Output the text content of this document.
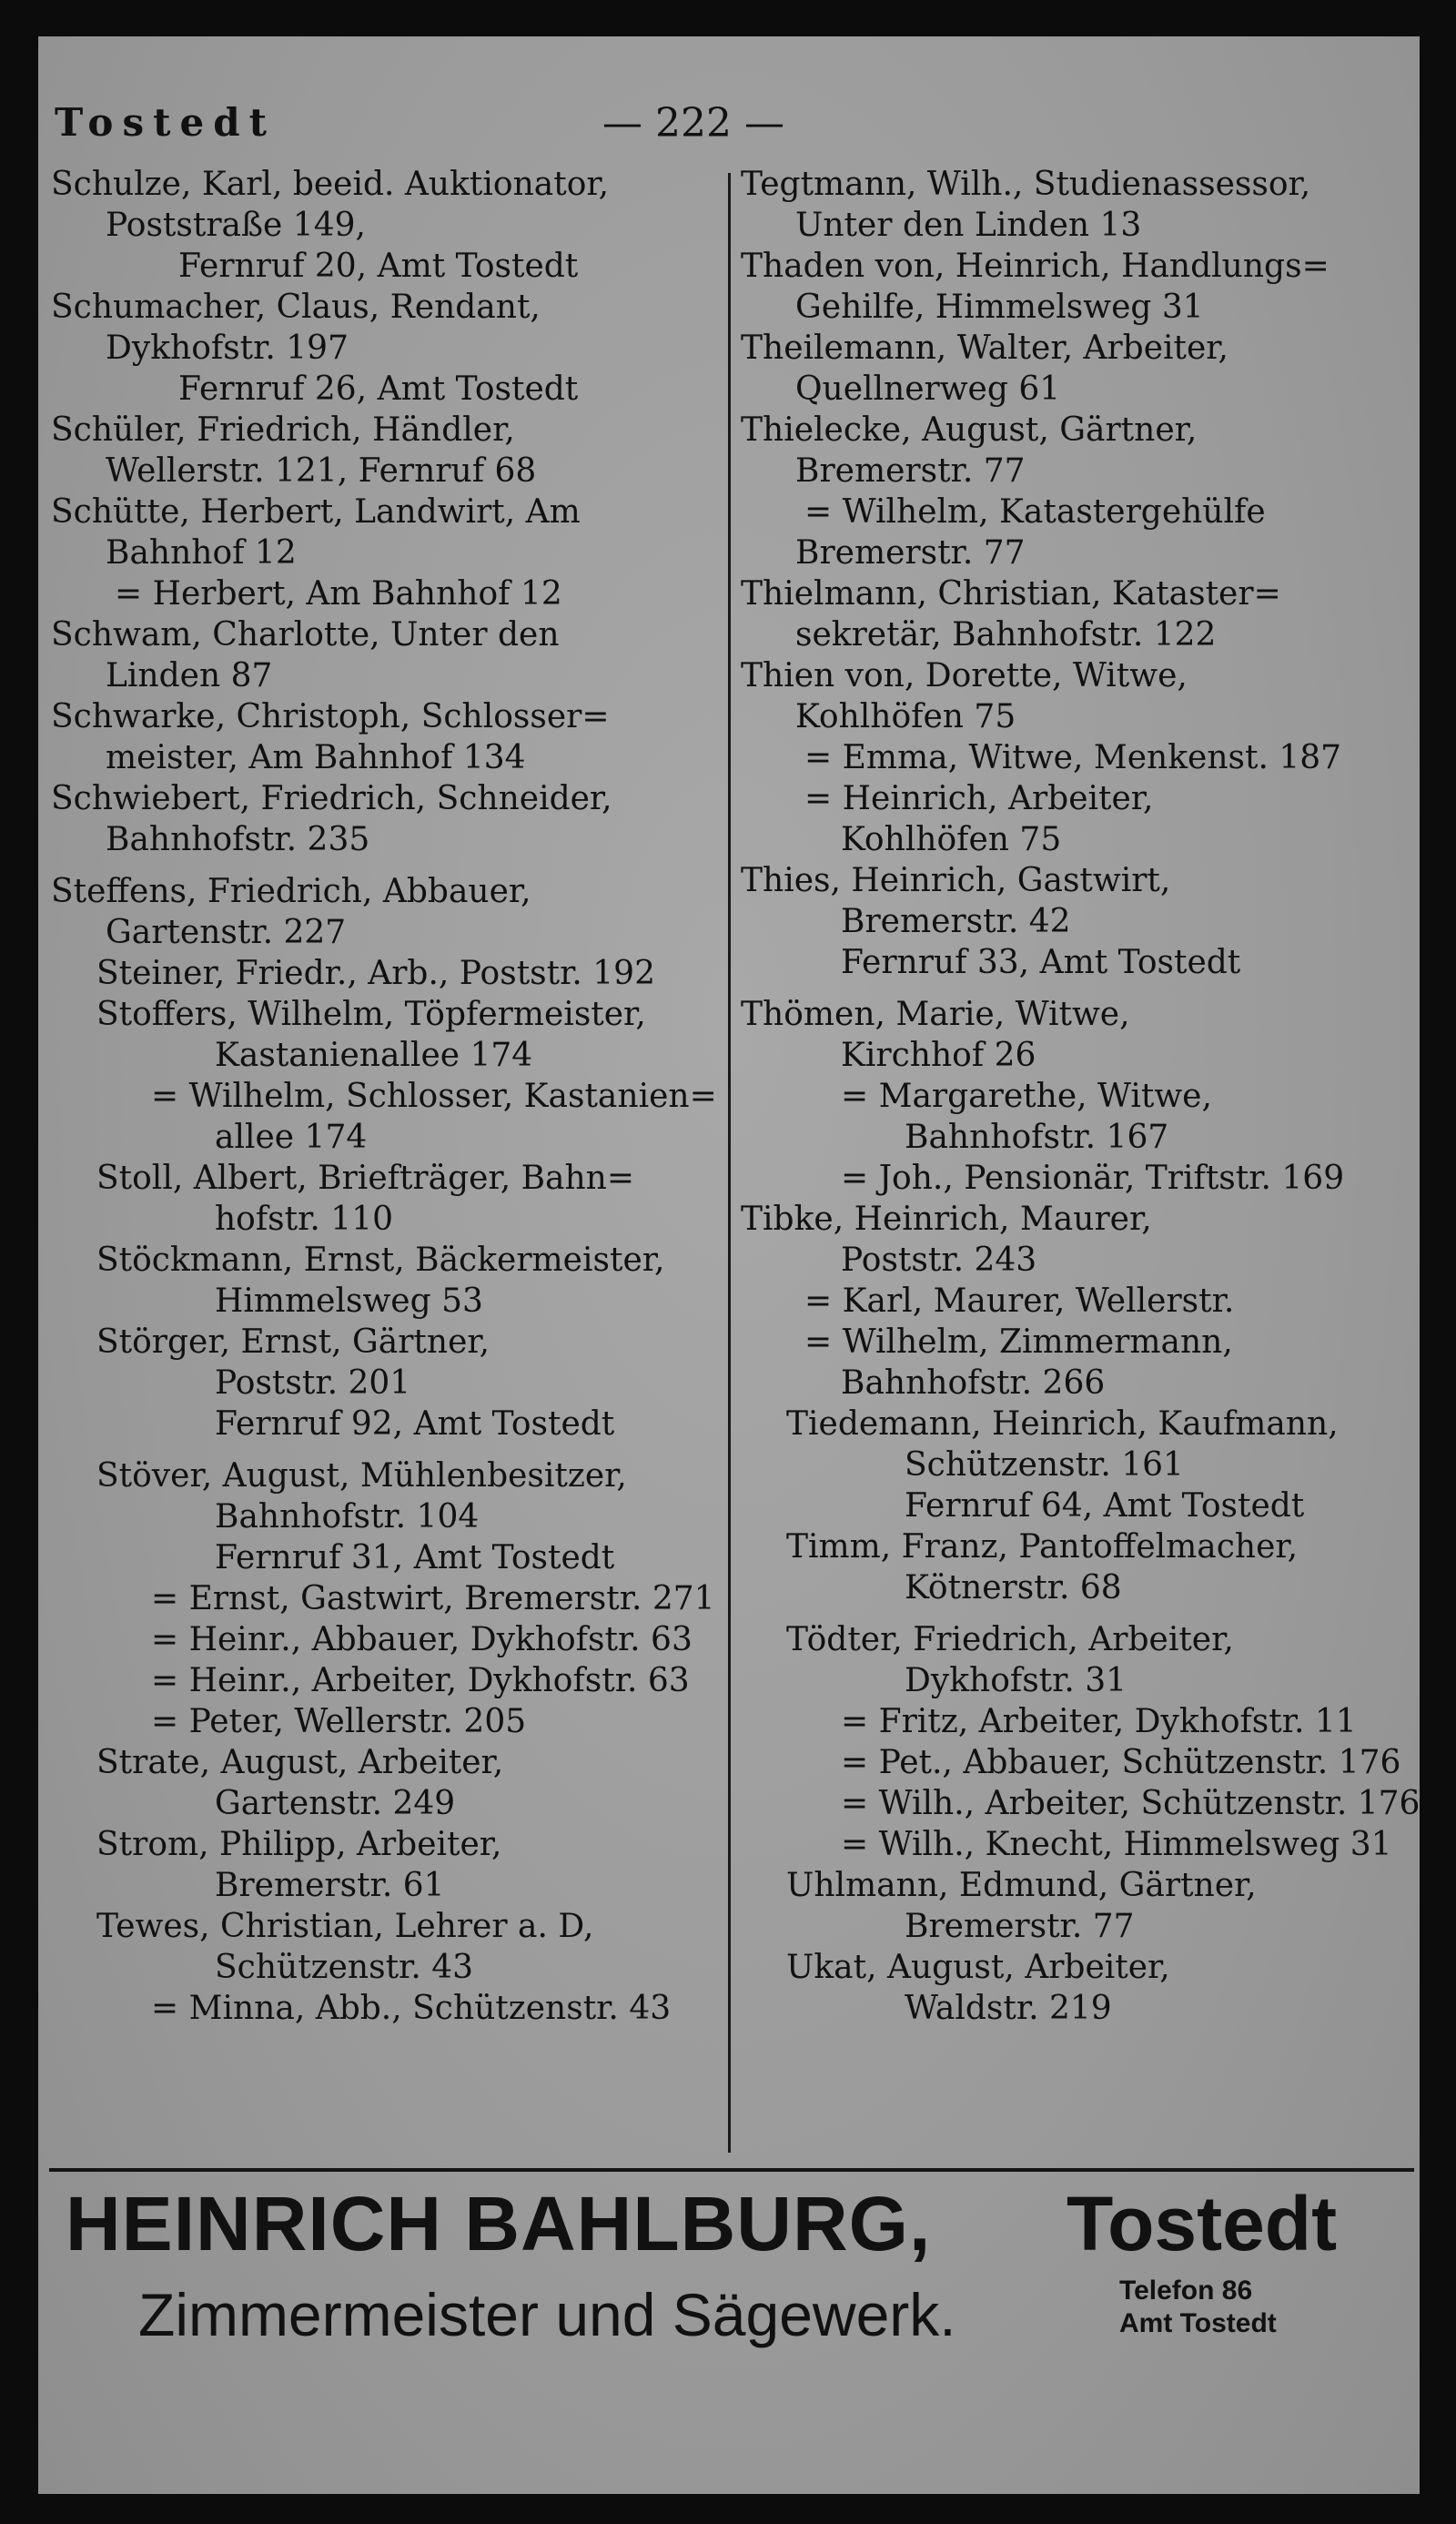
Tostedt	— 222 —
Schulze, Karl, beeid. Auktionator,
Poststraße 149,
Fernruf 20, Amt Tostedt
Schumacher, Claus, Rendant,
Dykhofstr. 197
Fernruf 26, Amt Tostedt
Schüler, Friedrich, Händler,
Wellerstr. 121, Fernruf 68
Schütte, Herbert, Landwirt, Am
Bahnhof 12
= Herbert, Am Bahnhof 12
Schwam, Charlotte, Unter den
Linden 87
Schwarke, Christoph, Schlosser=
meister, Am Bahnhof 134
Schwiebert, Friedrich, Schneider,
Bahnhofstr. 235
Steffens, Friedrich, Abbauer,
Gartenstr. 227
Steiner, Friedr., Arb., Poststr. 192
Stoffers, Wilhelm, Töpfermeister,
Kastanienallee 174
= Wilhelm, Schlosser, Kastanien=
allee 174
Stoll, Albert, Briefträger, Bahn=
hofstr. 110
Stöckmann, Ernst, Bäckermeister,
Himmelsweg 53
Störger, Ernst, Gärtner,
Poststr. 201
Fernruf 92, Amt Tostedt
Stöver, August, Mühlenbesitzer,
Bahnhofstr. 104
Fernruf 31, Amt Tostedt
= Ernst, Gastwirt, Bremerstr. 271
= Heinr., Abbauer, Dykhofstr. 63
= Heinr., Arbeiter, Dykhofstr. 63
= Peter, Wellerstr. 205
Strate, August, Arbeiter,
Gartenstr. 249
Strom, Philipp, Arbeiter,
Bremerstr. 61
Tewes, Christian, Lehrer a. D,
Schützenstr. 43
= Minna, Abb., Schützenstr. 43
Tegtmann, Wilh., Studienassessor,
Unter den Linden 13
Thaden von, Heinrich, Handlungs=
Gehilfe, Himmelsweg 31
Theilemann, Walter, Arbeiter,
Quellnerweg 61
Thielecke, August, Gärtner,
Bremerstr. 77
= Wilhelm, Katastergehülfe
Bremerstr. 77
Thielmann, Christian, Kataster=
sekretär, Bahnhofstr. 122
Thien von, Dorette, Witwe,
Kohlhöfen 75
= Emma, Witwe, Menkenst. 187
= Heinrich, Arbeiter,
Kohlhöfen 75
Thies, Heinrich, Gastwirt,
Bremerstr. 42
Fernruf 33, Amt Tostedt
Thömen, Marie, Witwe,
Kirchhof 26
= Margarethe, Witwe,
Bahnhofstr. 167
= Joh., Pensionär, Triftstr. 169
Tibke, Heinrich, Maurer,
Poststr. 243
= Karl, Maurer, Wellerstr.
= Wilhelm, Zimmermann,
Bahnhofstr. 266
Tiedemann, Heinrich, Kaufmann,
Schützenstr. 161
Fernruf 64, Amt Tostedt
Timm, Franz, Pantoffelmacher,
Kötnerstr. 68
Tödter, Friedrich, Arbeiter,
Dykhofstr. 31
= Fritz, Arbeiter, Dykhofstr. 11
= Pet., Abbauer, Schützenstr. 176
= Wilh., Arbeiter, Schützenstr. 176
= Wilh., Knecht, Himmelsweg 31
Uhlmann, Edmund, Gärtner,
Bremerstr. 77
Ukat, August, Arbeiter,
Waldstr. 219
HEINRICH BAHLBURG, Tostedt
Zimmermeister und Sägewerk.	Telefon 86
Amt Tostedt
